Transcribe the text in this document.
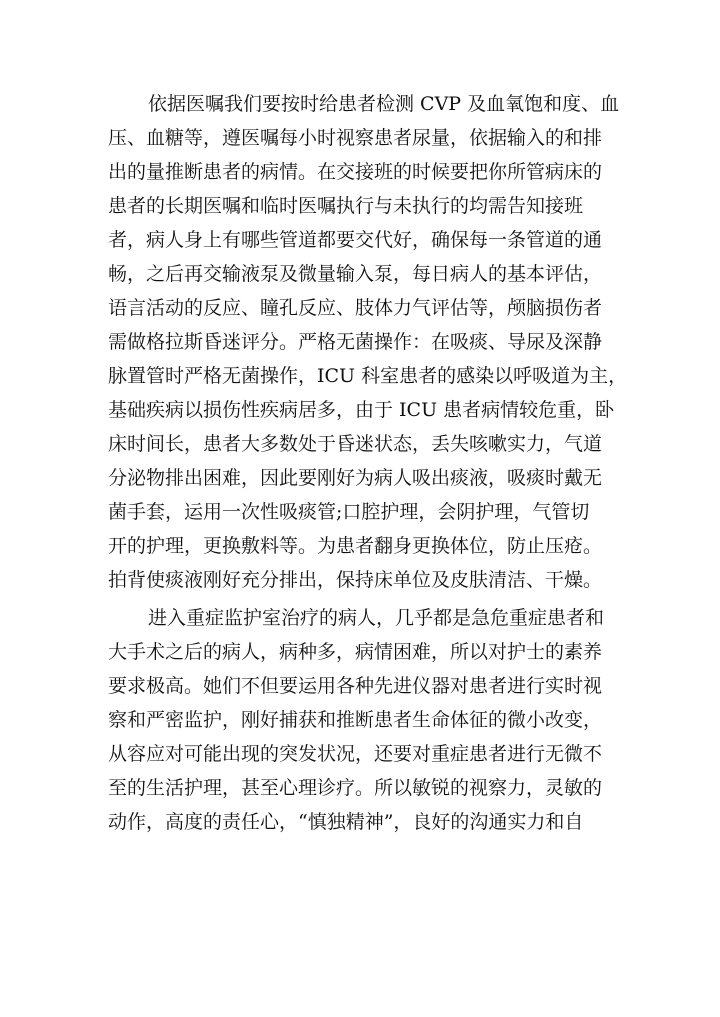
依据医嘱我们要按时给患者检测 CVP 及血氧饱和度、血
压、血糖等，遵医嘱每小时视察患者尿量，依据输入的和排
出的量推断患者的病情。在交接班的时候要把你所管病床的
患者的长期医嘱和临时医嘱执行与未执行的均需告知接班
者，病人身上有哪些管道都要交代好，确保每一条管道的通
畅，之后再交输液泵及微量输入泵，每日病人的基本评估，
语言活动的反应、瞳孔反应、肢体力气评估等，颅脑损伤者
需做格拉斯昏迷评分。严格无菌操作：在吸痰、导尿及深静
脉置管时严格无菌操作，ICU 科室患者的感染以呼吸道为主，
基础疾病以损伤性疾病居多，由于 ICU 患者病情较危重，卧
床时间长，患者大多数处于昏迷状态，丢失咳嗽实力，气道
分泌物排出困难，因此要刚好为病人吸出痰液，吸痰时戴无
菌手套，运用一次性吸痰管;口腔护理，会阴护理，气管切
开的护理，更换敷料等。为患者翻身更换体位，防止压疮。
拍背使痰液刚好充分排出，保持床单位及皮肤清洁、干燥。
进入重症监护室治疗的病人，几乎都是急危重症患者和
大手术之后的病人，病种多，病情困难，所以对护士的素养
要求极高。她们不但要运用各种先进仪器对患者进行实时视
察和严密监护，刚好捕获和推断患者生命体征的微小改变，
从容应对可能出现的突发状况，还要对重症患者进行无微不
至的生活护理，甚至心理诊疗。所以敏锐的视察力，灵敏的
动作，高度的责任心，“慎独精神”，良好的沟通实力和自
